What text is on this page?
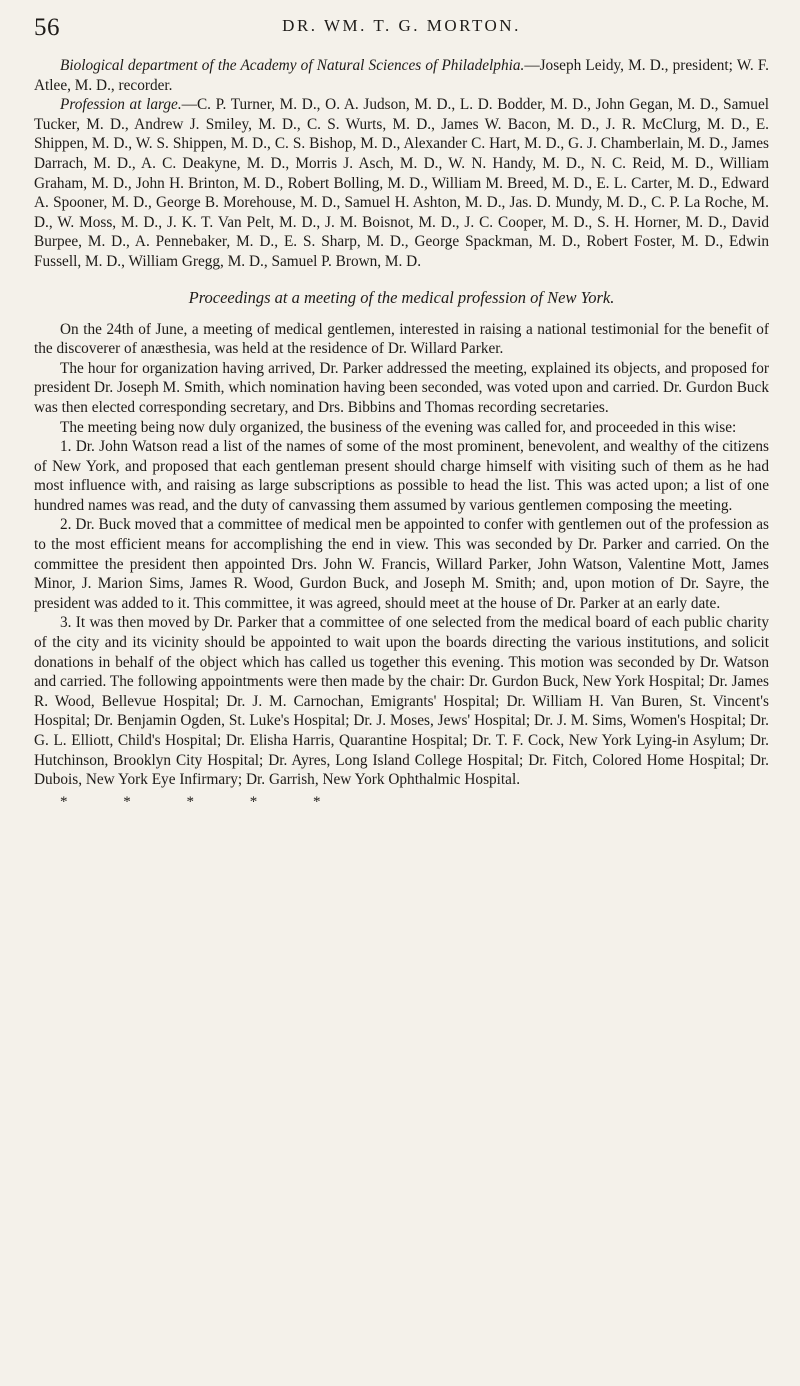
56	DR. WM. T. G. MORTON.

Biological department of the Academy of Natural Sciences of Philadelphia.—Joseph Leidy, M. D., president; W. F. Atlee, M. D., recorder.

Profession at large.—C. P. Turner, M. D., O. A. Judson, M. D., L. D. Bodder, M. D., John Gegan, M. D., Samuel Tucker, M. D., Andrew J. Smiley, M. D., C. S. Wurts, M. D., James W. Bacon, M. D., J. R. McClurg, M. D., E. Shippen, M. D., W. S. Shippen, M. D., C. S. Bishop, M. D., Alexander C. Hart, M. D., G. J. Chamberlain, M. D., James Darrach, M. D., A. C. Deakyne, M. D., Morris J. Asch, M. D., W. N. Handy, M. D., N. C. Reid, M. D., William Graham, M. D., John H. Brinton, M. D., Robert Bolling, M. D., William M. Breed, M. D., E. L. Carter, M. D., Edward A. Spooner, M. D., George B. Morehouse, M. D., Samuel H. Ashton, M. D., Jas. D. Mundy, M. D., C. P. La Roche, M. D., W. Moss, M. D., J. K. T. Van Pelt, M. D., J. M. Boisnot, M. D., J. C. Cooper, M. D., S. H. Horner, M. D., David Burpee, M. D., A. Pennebaker, M. D., E. S. Sharp, M. D., George Spackman, M. D., Robert Foster, M. D., Edwin Fussell, M. D., William Gregg, M. D., Samuel P. Brown, M. D.

Proceedings at a meeting of the medical profession of New York.

On the 24th of June, a meeting of medical gentlemen, interested in raising a national testimonial for the benefit of the discoverer of anæsthesia, was held at the residence of Dr. Willard Parker.

The hour for organization having arrived, Dr. Parker addressed the meeting, explained its objects, and proposed for president Dr. Joseph M. Smith, which nomination having been seconded, was voted upon and carried. Dr. Gurdon Buck was then elected corresponding secretary, and Drs. Bibbins and Thomas recording secretaries.

The meeting being now duly organized, the business of the evening was called for, and proceeded in this wise:

1. Dr. John Watson read a list of the names of some of the most prominent, benevolent, and wealthy of the citizens of New York, and proposed that each gentleman present should charge himself with visiting such of them as he had most influence with, and raising as large subscriptions as possible to head the list. This was acted upon; a list of one hundred names was read, and the duty of canvassing them assumed by various gentlemen composing the meeting.

2. Dr. Buck moved that a committee of medical men be appointed to confer with gentlemen out of the profession as to the most efficient means for accomplishing the end in view. This was seconded by Dr. Parker and carried. On the committee the president then appointed Drs. John W. Francis, Willard Parker, John Watson, Valentine Mott, James Minor, J. Marion Sims, James R. Wood, Gurdon Buck, and Joseph M. Smith; and, upon motion of Dr. Sayre, the president was added to it. This committee, it was agreed, should meet at the house of Dr. Parker at an early date.

3. It was then moved by Dr. Parker that a committee of one selected from the medical board of each public charity of the city and its vicinity should be appointed to wait upon the boards directing the various institutions, and solicit donations in behalf of the object which has called us together this evening. This motion was seconded by Dr. Watson and carried. The following appointments were then made by the chair: Dr. Gurdon Buck, New York Hospital; Dr. James R. Wood, Bellevue Hospital; Dr. J. M. Carnochan, Emigrants' Hospital; Dr. William H. Van Buren, St. Vincent's Hospital; Dr. Benjamin Ogden, St. Luke's Hospital; Dr. J. Moses, Jews' Hospital; Dr. J. M. Sims, Women's Hospital; Dr. G. L. Elliott, Child's Hospital; Dr. Elisha Harris, Quarantine Hospital; Dr. T. F. Cock, New York Lying-in Asylum; Dr. Hutchinson, Brooklyn City Hospital; Dr. Ayres, Long Island College Hospital; Dr. Fitch, Colored Home Hospital; Dr. Dubois, New York Eye Infirmary; Dr. Garrish, New York Ophthalmic Hospital.

* * * * *
